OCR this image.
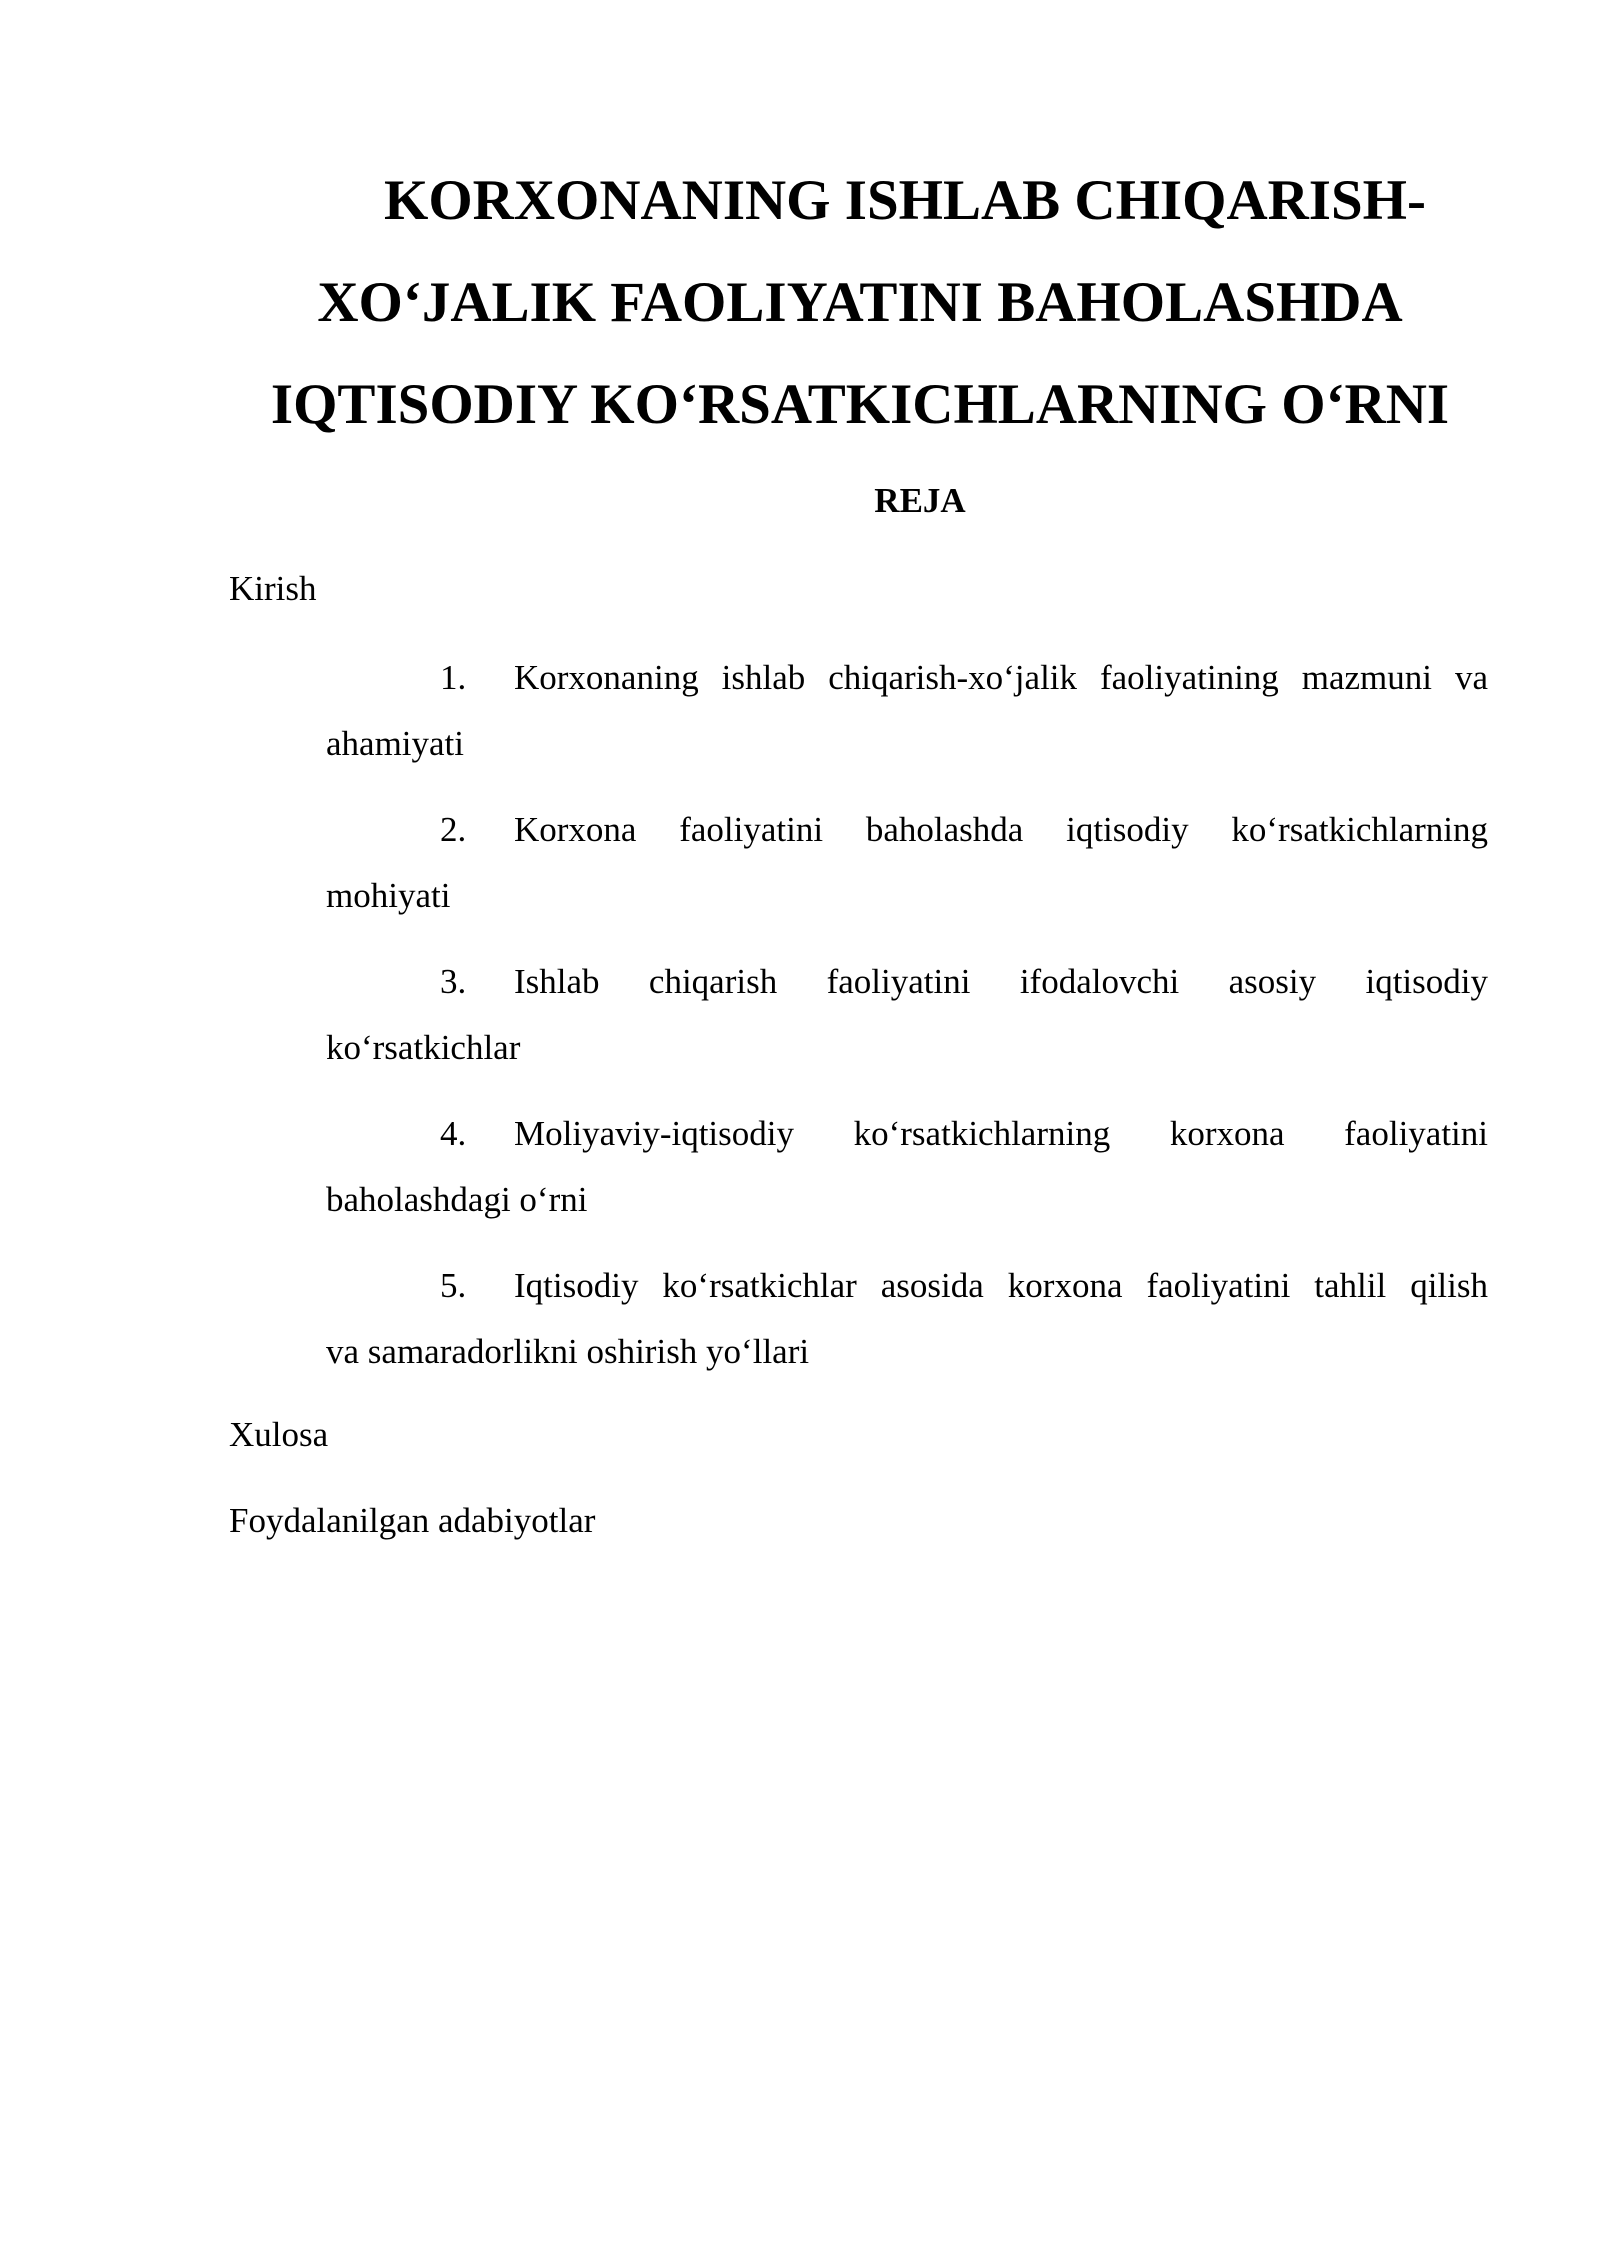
KORXONANING ISHLAB CHIQARISH-
XO‘JALIK FAOLIYATINI BAHOLASHDA
IQTISODIY KO‘RSATKICHLARNING O‘RNI
REJA
Kirish
1.	Korxonaning ishlab chiqarish-xo‘jalik faoliyatining mazmuni va
ahamiyati
2.	Korxona faoliyatini baholashda iqtisodiy ko‘rsatkichlarning
mohiyati
3.	Ishlab chiqarish faoliyatini ifodalovchi asosiy iqtisodiy
ko‘rsatkichlar
4.	Moliyaviy-iqtisodiy ko‘rsatkichlarning korxona faoliyatini
baholashdagi o‘rni
5.	Iqtisodiy ko‘rsatkichlar asosida korxona faoliyatini tahlil qilish
va samaradorlikni oshirish yo‘llari
Xulosa
Foydalanilgan adabiyotlar
